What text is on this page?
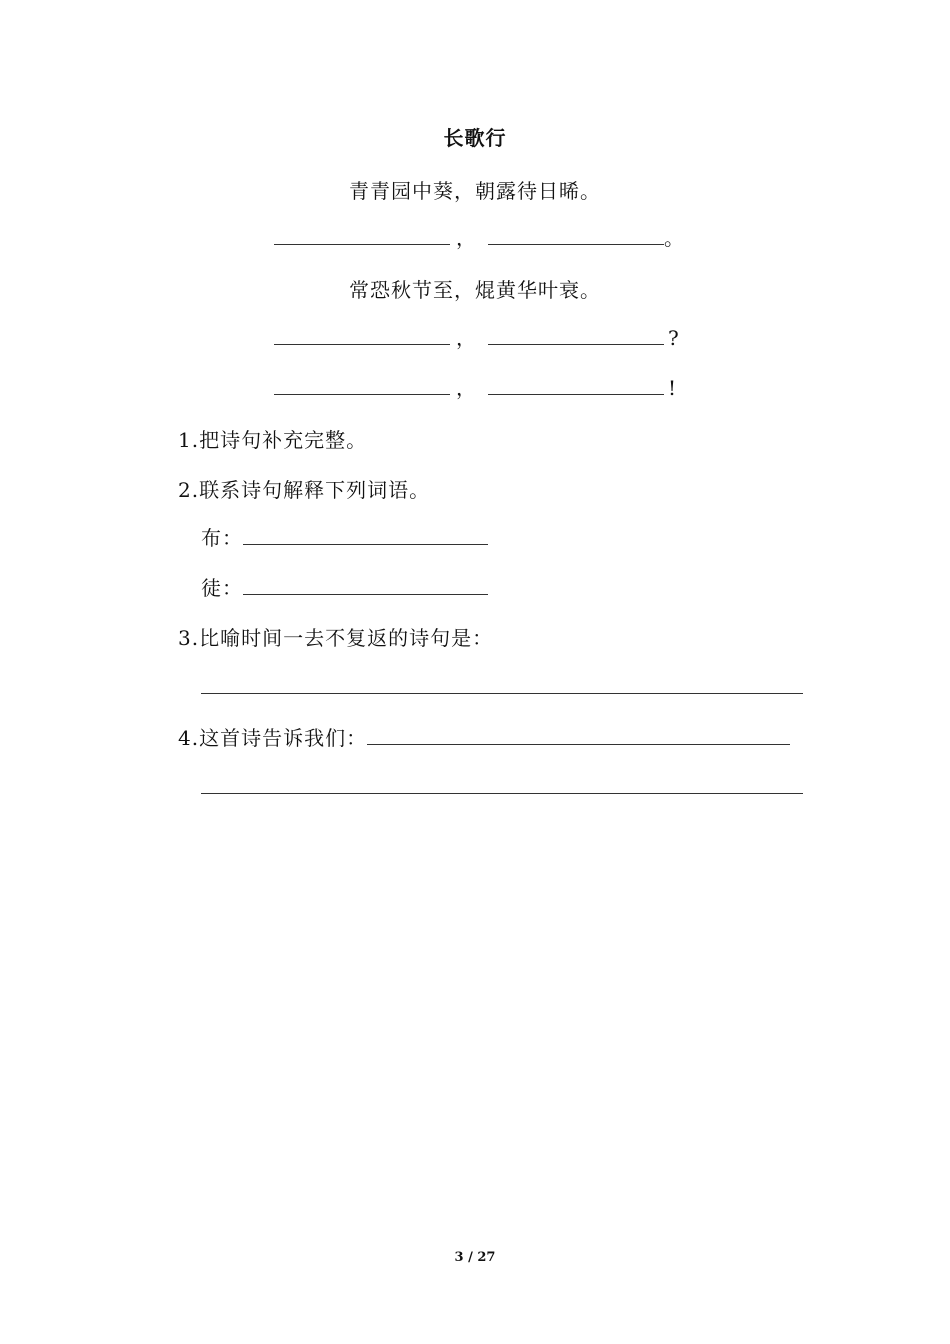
长歌行
青青园中葵，朝露待日晞。
，	。
常恐秋节至，焜黄华叶衰。
，	?
，	!
1.把诗句补充完整。
2.联系诗句解释下列词语。
布：
徒：
3.比喻时间一去不复返的诗句是：
4.这首诗告诉我们：
3 / 27
